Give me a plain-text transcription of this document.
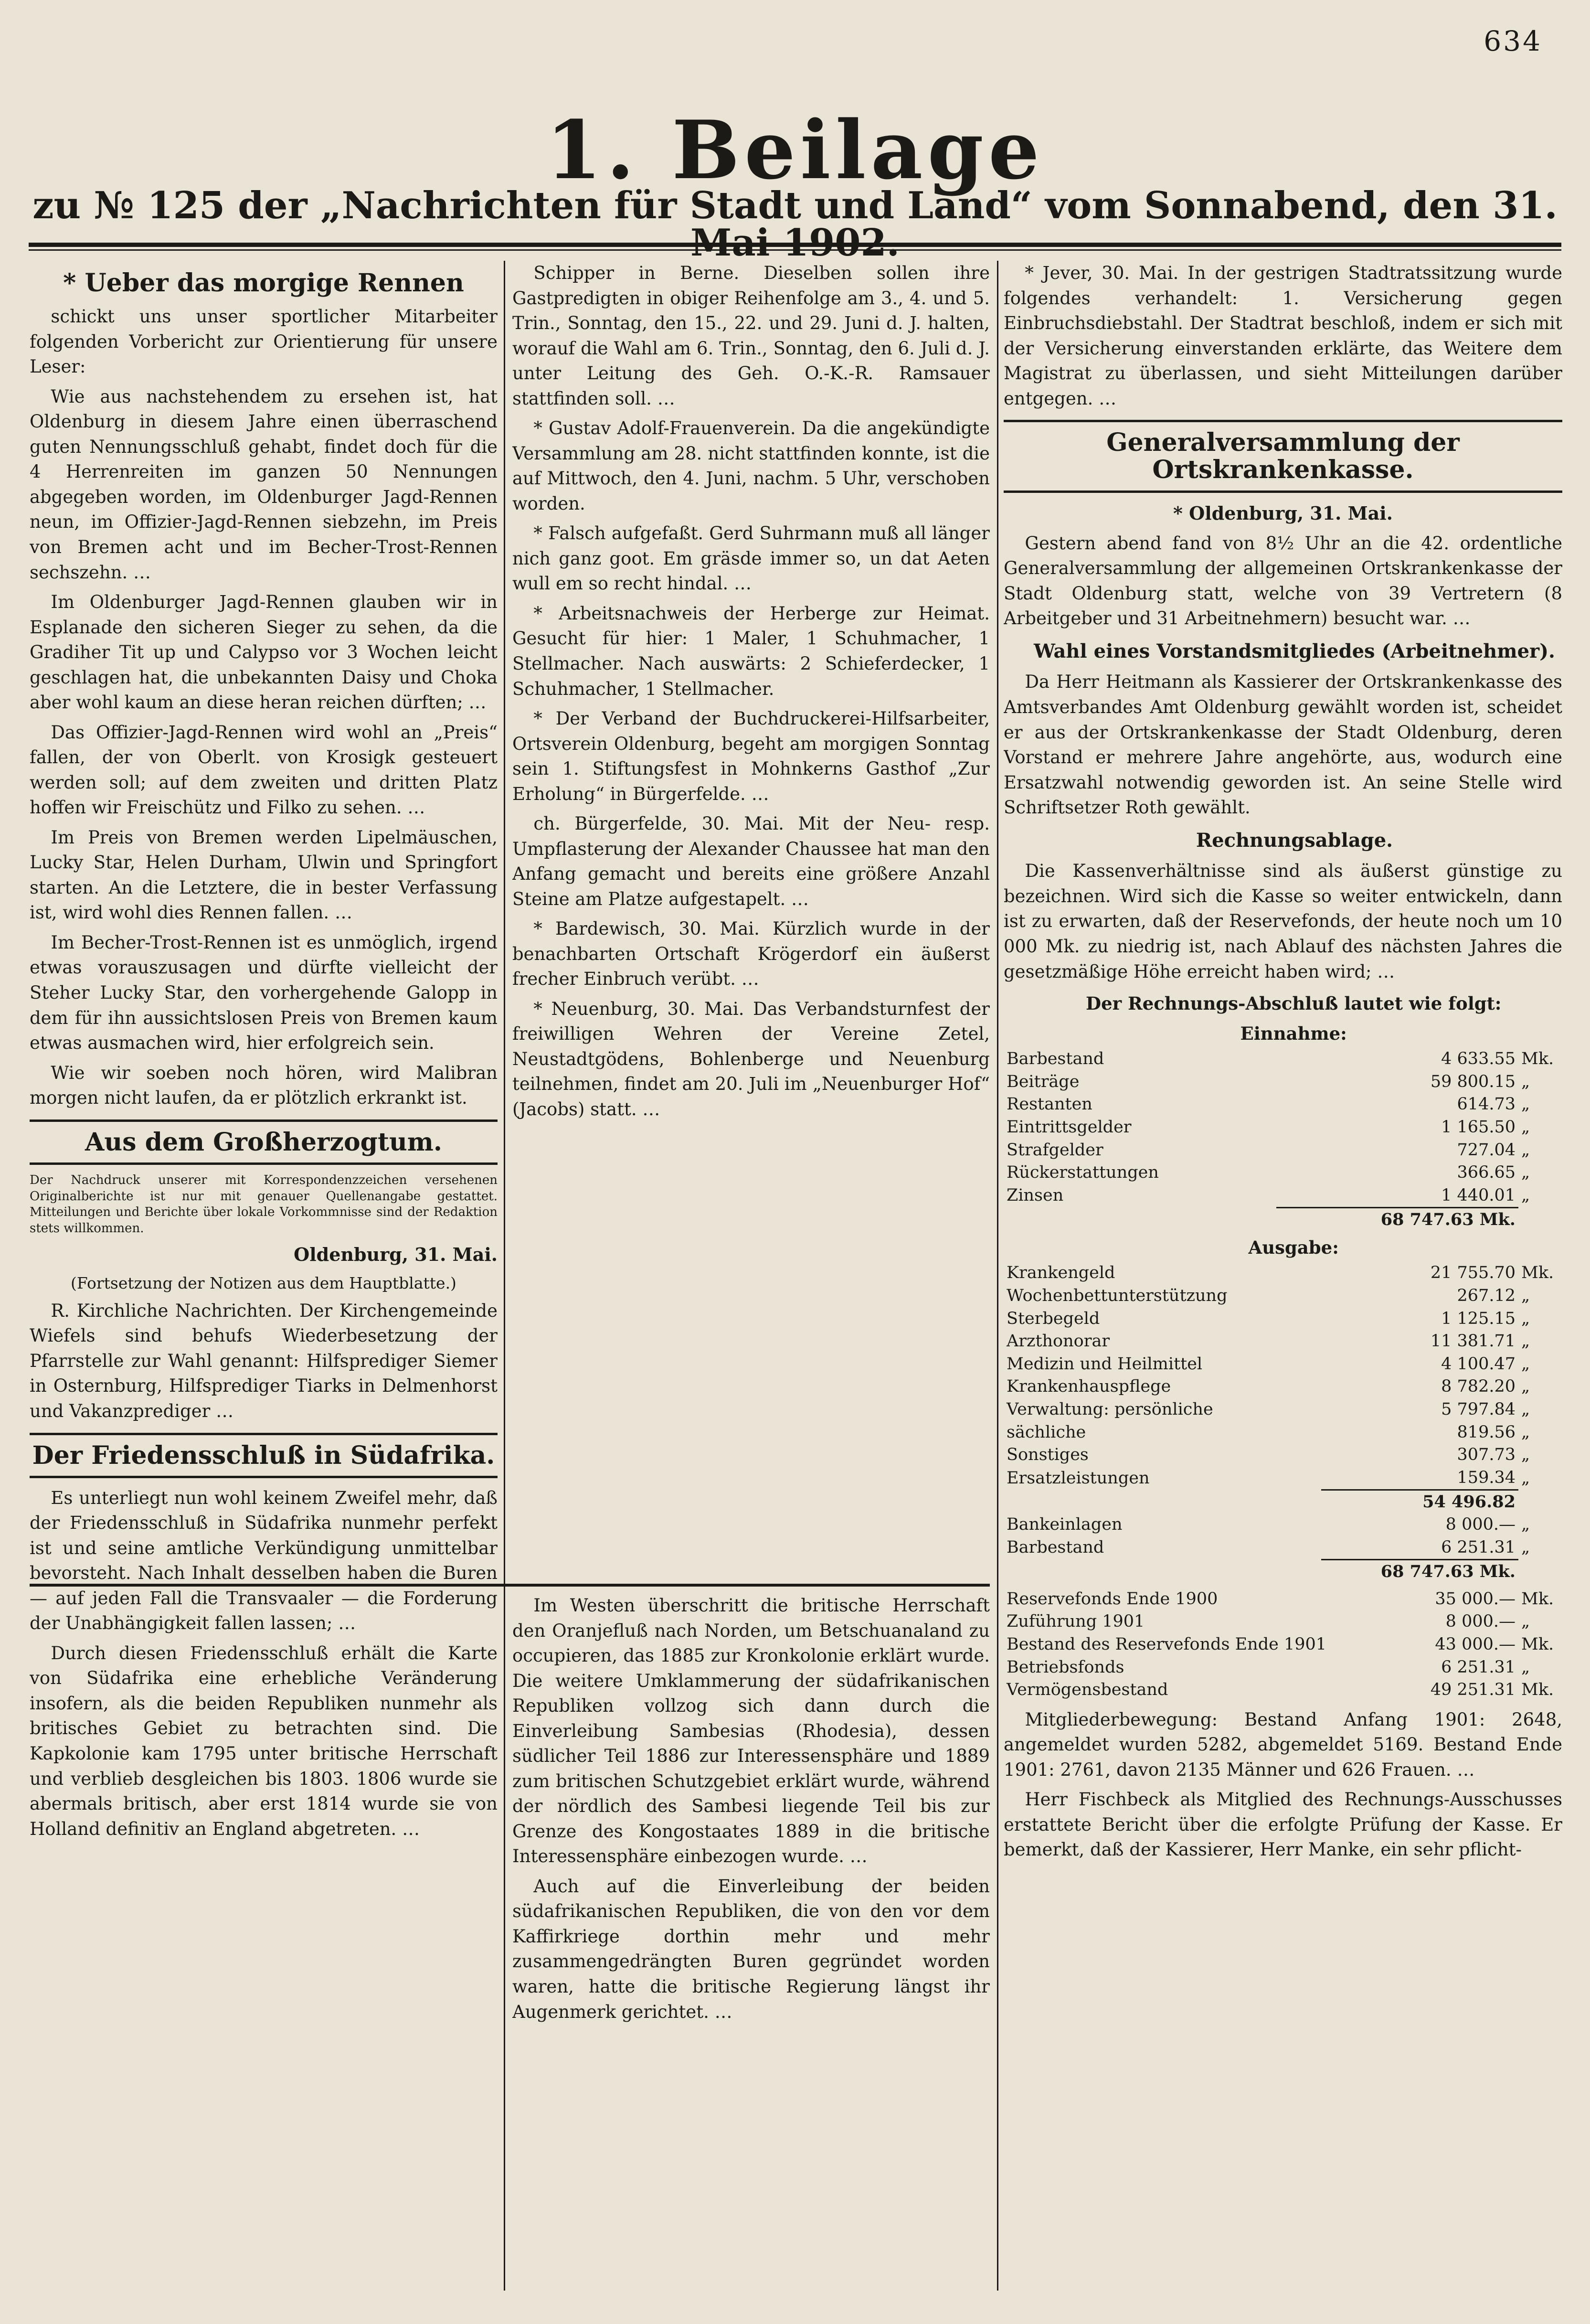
634
1. Beilage
zu № 125 der „Nachrichten für Stadt und Land“ vom Sonnabend, den 31. Mai 1902.
* Ueber das morgige Rennen

schickt uns unser sportlicher Mitarbeiter folgenden Vorbericht zur Orientierung für unsere Leser:

Wie aus nachstehendem zu ersehen ist, hat Oldenburg in diesem Jahre einen überraschend guten Nennungsschluß gehabt, findet doch für die 4 Herrenreiten im ganzen 50 Nennungen abgegeben worden, im Oldenburger Jagd-Rennen neun, im Offizier-Jagd-Rennen siebzehn, im Preis von Bremen acht und im Becher-Trost-Rennen sechszehn. …

Im Oldenburger Jagd-Rennen glauben wir in Esplanade den sicheren Sieger zu sehen, da die Gradiher Tit up und Calypso vor 3 Wochen leicht geschlagen hat, die unbekannten Daisy und Choka aber wohl kaum an diese heran reichen dürften; …

Das Offizier-Jagd-Rennen wird wohl an „Preis“ fallen, der von Oberlt. von Krosigk gesteuert werden soll; auf dem zweiten und dritten Platz hoffen wir Freischütz und Filko zu sehen. …

Im Preis von Bremen werden Lipelmäuschen, Lucky Star, Helen Durham, Ulwin und Springfort starten. An die Letztere, die in bester Verfassung ist, wird wohl dies Rennen fallen. …

Im Becher-Trost-Rennen ist es unmöglich, irgend etwas vorauszusagen und dürfte vielleicht der Steher Lucky Star, den vorhergehende Galopp in dem für ihn aussichtslosen Preis von Bremen kaum etwas ausmachen wird, hier erfolgreich sein.

Wie wir soeben noch hören, wird Malibran morgen nicht laufen, da er plötzlich erkrankt ist.

Aus dem Großherzogtum.

Der Nachdruck unserer mit Korrespondenzzeichen versehenen Originalberichte ist nur mit genauer Quellenangabe gestattet. Mitteilungen und Berichte über lokale Vorkommnisse sind der Redaktion stets willkommen.

Oldenburg, 31. Mai.

(Fortsetzung der Notizen aus dem Hauptblatte.)

R. Kirchliche Nachrichten. Der Kirchengemeinde Wiefels sind behufs Wiederbesetzung der Pfarrstelle zur Wahl genannt: Hilfsprediger Siemer in Osternburg, Hilfsprediger Tiarks in Delmenhorst und Vakanzprediger …

Der Friedensschluß in Südafrika.

Es unterliegt nun wohl keinem Zweifel mehr, daß der Friedensschluß in Südafrika nunmehr perfekt ist und seine amtliche Verkündigung unmittelbar bevorsteht. Nach Inhalt desselben haben die Buren — auf jeden Fall die Transvaaler — die Forderung der Unabhängigkeit fallen lassen; …

Durch diesen Friedensschluß erhält die Karte von Südafrika eine erhebliche Veränderung insofern, als die beiden Republiken nunmehr als britisches Gebiet zu betrachten sind. Die Kapkolonie kam 1795 unter britische Herrschaft und verblieb desgleichen bis 1803. 1806 wurde sie abermals britisch, aber erst 1814 wurde sie von Holland definitiv an England abgetreten. …

Schipper in Berne. Dieselben sollen ihre Gastpredigten in obiger Reihenfolge am 3., 4. und 5. Trin., Sonntag, den 15., 22. und 29. Juni d. J. halten, worauf die Wahl am 6. Trin., Sonntag, den 6. Juli d. J. unter Leitung des Geh. O.-K.-R. Ramsauer stattfinden soll. …

* Gustav Adolf-Frauenverein. Da die angekündigte Versammlung am 28. nicht stattfinden konnte, ist die auf Mittwoch, den 4. Juni, nachm. 5 Uhr, verschoben worden.

* Falsch aufgefaßt. Gerd Suhrmann muß all länger nich ganz goot. Em gräsde immer so, un dat Aeten wull em so recht hindal. …

* Arbeitsnachweis der Herberge zur Heimat. Gesucht für hier: 1 Maler, 1 Schuhmacher, 1 Stellmacher. Nach auswärts: 2 Schieferdecker, 1 Schuhmacher, 1 Stellmacher.

* Der Verband der Buchdruckerei-Hilfsarbeiter, Ortsverein Oldenburg, begeht am morgigen Sonntag sein 1. Stiftungsfest in Mohnkerns Gasthof „Zur Erholung“ in Bürgerfelde. …

ch. Bürgerfelde, 30. Mai. Mit der Neu- resp. Umpflasterung der Alexander Chaussee hat man den Anfang gemacht und bereits eine größere Anzahl Steine am Platze aufgestapelt. …

* Bardewisch, 30. Mai. Kürzlich wurde in der benachbarten Ortschaft Krögerdorf ein äußerst frecher Einbruch verübt. …

* Neuenburg, 30. Mai. Das Verbandsturnfest der freiwilligen Wehren der Vereine Zetel, Neustadtgödens, Bohlenberge und Neuenburg teilnehmen, findet am 20. Juli im „Neuenburger Hof“ (Jacobs) statt. …

Im Westen überschritt die britische Herrschaft den Oranjefluß nach Norden, um Betschuanaland zu occupieren, das 1885 zur Kronkolonie erklärt wurde. Die weitere Umklammerung der südafrikanischen Republiken vollzog sich dann durch die Einverleibung Sambesias (Rhodesia), dessen südlicher Teil 1886 zur Interessensphäre und 1889 zum britischen Schutzgebiet erklärt wurde, während der nördlich des Sambesi liegende Teil bis zur Grenze des Kongostaates 1889 in die britische Interessensphäre einbezogen wurde. …

Auch auf die Einverleibung der beiden südafrikanischen Republiken, die von den vor dem Kaffirkriege dorthin mehr und mehr zusammengedrängten Buren gegründet worden waren, hatte die britische Regierung längst ihr Augenmerk gerichtet. …

* Jever, 30. Mai. In der gestrigen Stadtratssitzung wurde folgendes verhandelt: 1. Versicherung gegen Einbruchsdiebstahl. Der Stadtrat beschloß, indem er sich mit der Versicherung einverstanden erklärte, das Weitere dem Magistrat zu überlassen, und sieht Mitteilungen darüber entgegen. …

Generalversammlung der Ortskrankenkasse.

* Oldenburg, 31. Mai.

Gestern abend fand von 8½ Uhr an die 42. ordentliche Generalversammlung der allgemeinen Ortskrankenkasse der Stadt Oldenburg statt, welche von 39 Vertretern (8 Arbeitgeber und 31 Arbeitnehmern) besucht war. …

Wahl eines Vorstandsmitgliedes (Arbeitnehmer).

Da Herr Heitmann als Kassierer der Ortskrankenkasse des Amtsverbandes Amt Oldenburg gewählt worden ist, scheidet er aus der Ortskrankenkasse der Stadt Oldenburg, deren Vorstand er mehrere Jahre angehörte, aus, wodurch eine Ersatzwahl notwendig geworden ist. An seine Stelle wird Schriftsetzer Roth gewählt.

Rechnungsablage.

Die Kassenverhältnisse sind als äußerst günstige zu bezeichnen. Wird sich die Kasse so weiter entwickeln, dann ist zu erwarten, daß der Reservefonds, der heute noch um 10 000 Mk. zu niedrig ist, nach Ablauf des nächsten Jahres die gesetzmäßige Höhe erreicht haben wird; …

Der Rechnungs-Abschluß lautet wie folgt:

Einnahme:

Barbestand	4 633.55	Mk.
Beiträge	59 800.15	„
Restanten	614.73	„
Eintrittsgelder	1 165.50	„
Strafgelder	727.04	„
Rückerstattungen	366.65	„
Zinsen	1 440.01	„
	68 747.63 Mk.	

Ausgabe:

Krankengeld	21 755.70	Mk.
Wochenbettunterstützung	267.12	„
Sterbegeld	1 125.15	„
Arzthonorar	11 381.71	„
Medizin und Heilmittel	4 100.47	„
Krankenhauspflege	8 782.20	„
Verwaltung: persönliche	5 797.84	„
sächliche	819.56	„
Sonstiges	307.73	„
Ersatzleistungen	159.34	„
	54 496.82	
Bankeinlagen	8 000.—	„
Barbestand	6 251.31	„
	68 747.63 Mk.	
Reservefonds Ende 1900	35 000.—	Mk.
Zuführung 1901	8 000.—	„
Bestand des Reservefonds Ende 1901	43 000.—	Mk.
Betriebsfonds	6 251.31	„
Vermögensbestand	49 251.31	Mk.

Mitgliederbewegung: Bestand Anfang 1901: 2648, angemeldet wurden 5282, abgemeldet 5169. Bestand Ende 1901: 2761, davon 2135 Männer und 626 Frauen. …

Herr Fischbeck als Mitglied des Rechnungs-Ausschusses erstattete Bericht über die erfolgte Prüfung der Kasse. Er bemerkt, daß der Kassierer, Herr Manke, ein sehr pflicht-
